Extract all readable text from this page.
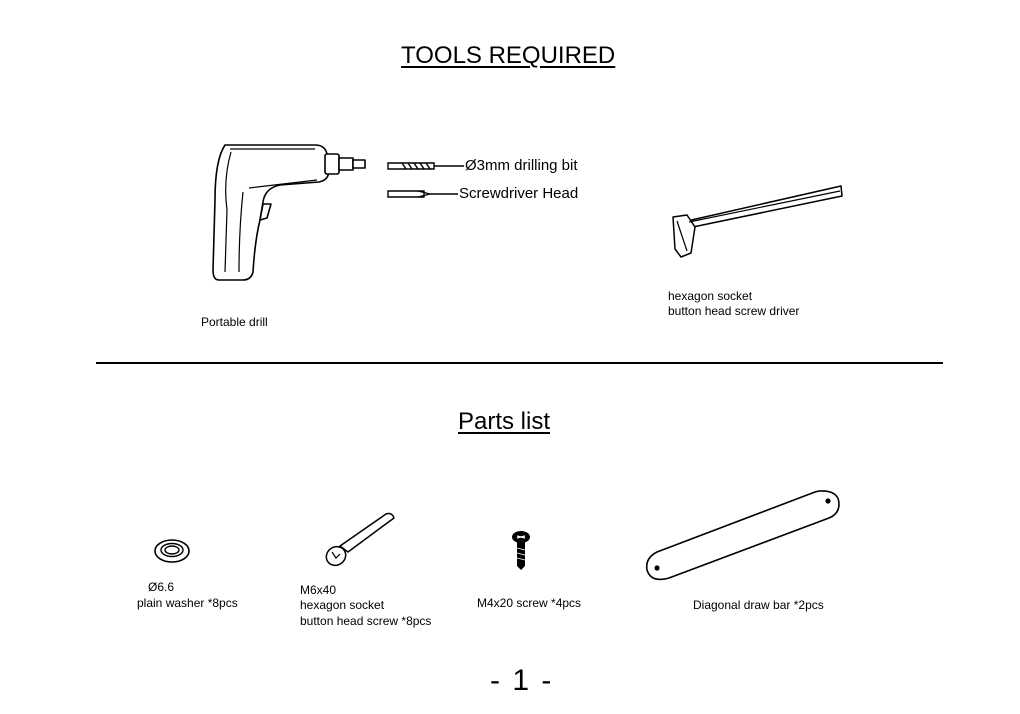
TOOLS REQUIRED
Ø3mm drilling bit
Screwdriver Head
Portable drill
hexagon socket
button head screw driver
Parts list
Ø6.6
plain washer *8pcs
M6x40
hexagon socket
button head screw *8pcs
M4x20 screw *4pcs	Diagonal draw bar *2pcs
- 1 -
